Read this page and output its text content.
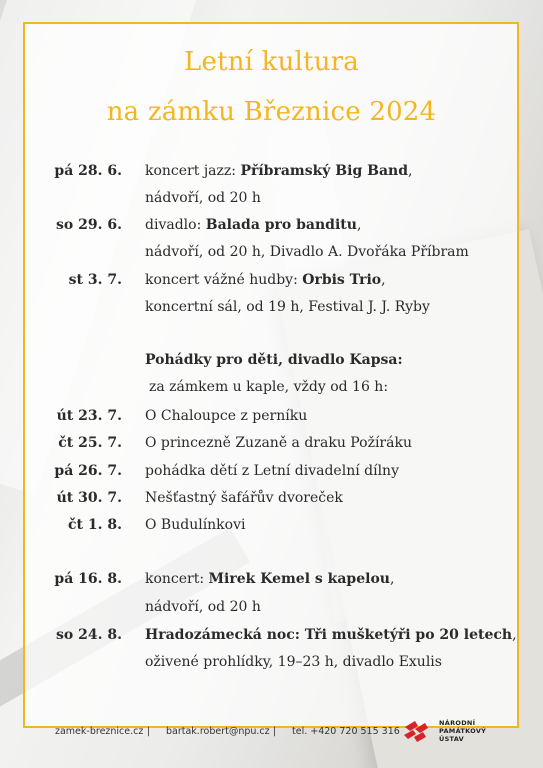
Letní kultura
na zámku Březnice 2024
pá 28. 6. koncert jazz: Příbramský Big Band,
nádvoří, od 20 h
so 29. 6. divadlo: Balada pro banditu,
nádvoří, od 20 h, Divadlo A. Dvořáka Příbram
st 3. 7. koncert vážné hudby: Orbis Trio,
koncertní sál, od 19 h, Festival J. J. Ryby
Pohádky pro děti, divadlo Kapsa:
za zámkem u kaple, vždy od 16 h:
út 23. 7. O Chaloupce z perníku
čt 25. 7. O princezně Zuzaně a draku Požíráku
pá 26. 7. pohádka dětí z Letní divadelní dílny
út 30. 7. Nešťastný šafářův dvoreček
čt 1. 8. O Budulínkovi
pá 16. 8. koncert: Mirek Kemel s kapelou,
nádvoří, od 20 h
so 24. 8. Hradozámecká noc: Tři mušketýři po 20 letech,
oživené prohlídky, 19–23 h, divadlo Exulis
zamek-breznice.cz | bartak.robert@npu.cz | tel. +420 720 515 316
NÁRODNÍ
PAMÁTKOVÝ
ÚSTAV
